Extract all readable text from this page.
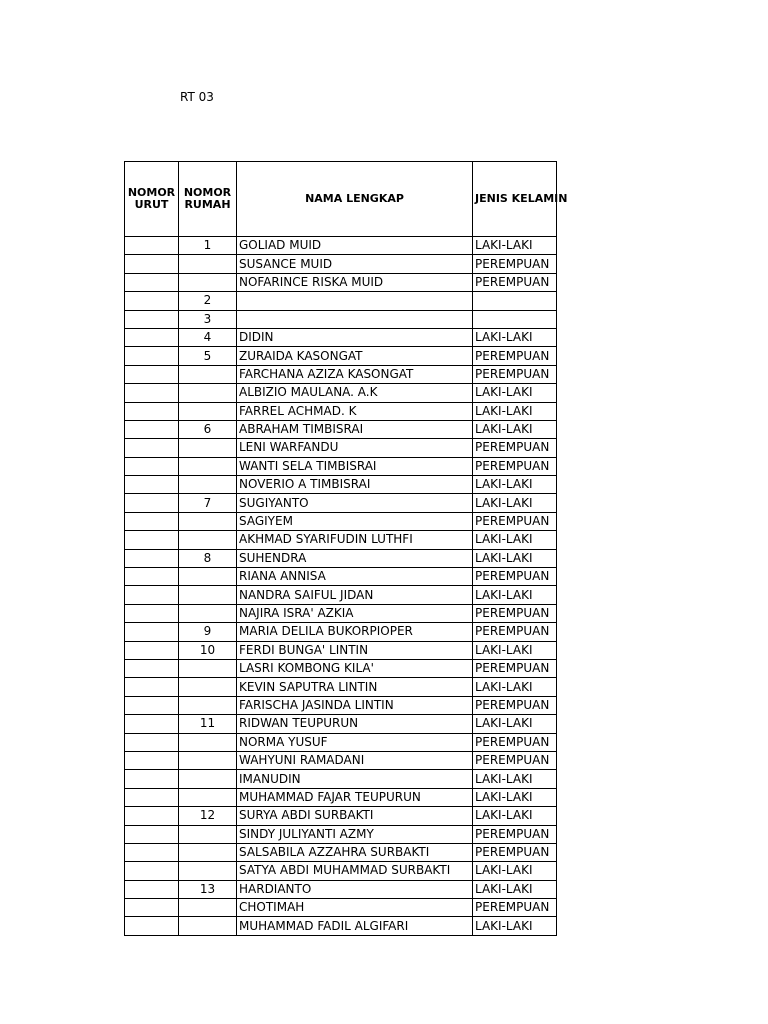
RT 03
NOMOR URUT	NOMOR RUMAH	NAMA LENGKAP	JENIS KELAMIN
	1	GOLIAD MUID	LAKI-LAKI
		SUSANCE MUID	PEREMPUAN
		NOFARINCE RISKA MUID	PEREMPUAN
	2		
	3		
	4	DIDIN	LAKI-LAKI
	5	ZURAIDA KASONGAT	PEREMPUAN
		FARCHANA AZIZA KASONGAT	PEREMPUAN
		ALBIZIO MAULANA. A.K	LAKI-LAKI
		FARREL ACHMAD. K	LAKI-LAKI
	6	ABRAHAM TIMBISRAI	LAKI-LAKI
		LENI WARFANDU	PEREMPUAN
		WANTI SELA TIMBISRAI	PEREMPUAN
		NOVERIO A TIMBISRAI	LAKI-LAKI
	7	SUGIYANTO	LAKI-LAKI
		SAGIYEM	PEREMPUAN
		AKHMAD SYARIFUDIN LUTHFI	LAKI-LAKI
	8	SUHENDRA	LAKI-LAKI
		RIANA ANNISA	PEREMPUAN
		NANDRA SAIFUL JIDAN	LAKI-LAKI
		NAJIRA ISRA' AZKIA	PEREMPUAN
	9	MARIA DELILA BUKORPIOPER	PEREMPUAN
	10	FERDI BUNGA' LINTIN	LAKI-LAKI
		LASRI KOMBONG KILA'	PEREMPUAN
		KEVIN SAPUTRA LINTIN	LAKI-LAKI
		FARISCHA JASINDA LINTIN	PEREMPUAN
	11	RIDWAN TEUPURUN	LAKI-LAKI
		NORMA YUSUF	PEREMPUAN
		WAHYUNI RAMADANI	PEREMPUAN
		IMANUDIN	LAKI-LAKI
		MUHAMMAD FAJAR TEUPURUN	LAKI-LAKI
	12	SURYA ABDI SURBAKTI	LAKI-LAKI
		SINDY JULIYANTI AZMY	PEREMPUAN
		SALSABILA AZZAHRA SURBAKTI	PEREMPUAN
		SATYA ABDI MUHAMMAD SURBAKTI	LAKI-LAKI
	13	HARDIANTO	LAKI-LAKI
		CHOTIMAH	PEREMPUAN
		MUHAMMAD FADIL ALGIFARI	LAKI-LAKI
